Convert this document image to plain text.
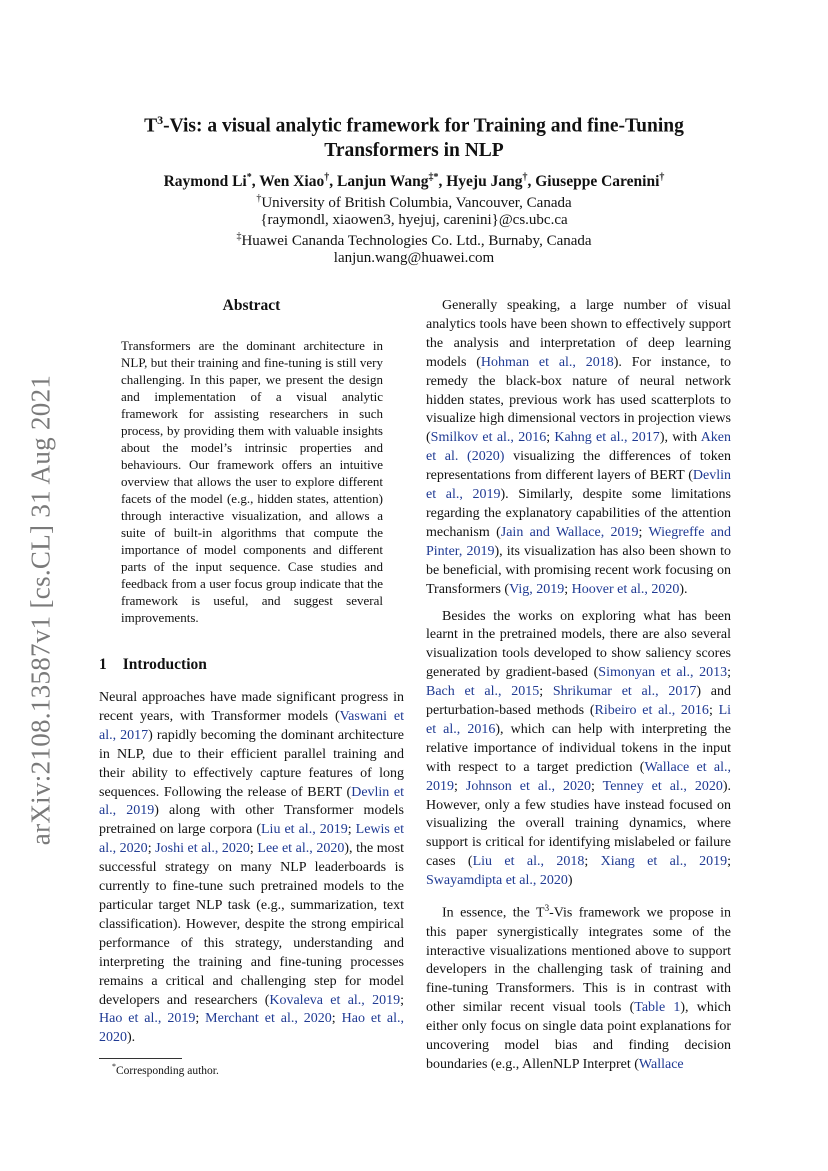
arXiv:2108.13587v1 [cs.CL] 31 Aug 2021
$T^3$-Vis: a visual analytic framework for Training and fine-Tuning
Transformers in NLP
Raymond Li*, Wen Xiao†, Lanjun Wang‡*, Hyeju Jang†, Giuseppe Carenini†
†University of British Columbia, Vancouver, Canada
{raymondl, xiaowen3, hyejuj, carenini}@cs.ubc.ca
‡Huawei Cananda Technologies Co. Ltd., Burnaby, Canada
lanjun.wang@huawei.com
Abstract

Transformers are the dominant architecture in NLP, but their training and fine-tuning is still very challenging. In this paper, we present the design and implementation of a visual analytic framework for assisting researchers in such process, by providing them with valuable insights about the model’s intrinsic properties and behaviours. Our framework offers an intuitive overview that allows the user to explore different facets of the model (e.g., hidden states, attention) through interactive visualization, and allows a suite of built-in algorithms that compute the importance of model components and different parts of the input sequence. Case studies and feedback from a user focus group indicate that the framework is useful, and suggest several improvements.

1 Introduction

Neural approaches have made significant progress in recent years, with Transformer models (Vaswani et al., 2017) rapidly becoming the dominant architecture in NLP, due to their efficient parallel training and their ability to effectively capture features of long sequences. Following the release of BERT (Devlin et al., 2019) along with other Transformer models pretrained on large corpora (Liu et al., 2019; Lewis et al., 2020; Joshi et al., 2020; Lee et al., 2020), the most successful strategy on many NLP leaderboards is currently to fine-tune such pretrained models to the particular target NLP task (e.g., summarization, text classification). However, despite the strong empirical performance of this strategy, understanding and interpreting the training and fine-tuning processes remains a critical and challenging step for model developers and researchers (Kovaleva et al., 2019; Hao et al., 2019; Merchant et al., 2020; Hao et al., 2020).

Generally speaking, a large number of visual analytics tools have been shown to effectively support the analysis and interpretation of deep learning models (Hohman et al., 2018). For instance, to remedy the black-box nature of neural network hidden states, previous work has used scatterplots to visualize high dimensional vectors in projection views (Smilkov et al., 2016; Kahng et al., 2017), with Aken et al. (2020) visualizing the differences of token representations from different layers of BERT (Devlin et al., 2019). Similarly, despite some limitations regarding the explanatory capabilities of the attention mechanism (Jain and Wallace, 2019; Wiegreffe and Pinter, 2019), its visualization has also been shown to be beneficial, with promising recent work focusing on Transformers (Vig, 2019; Hoover et al., 2020).

Besides the works on exploring what has been learnt in the pretrained models, there are also several visualization tools developed to show saliency scores generated by gradient-based (Simonyan et al., 2013; Bach et al., 2015; Shrikumar et al., 2017) and perturbation-based methods (Ribeiro et al., 2016; Li et al., 2016), which can help with interpreting the relative importance of individual tokens in the input with respect to a target prediction (Wallace et al., 2019; Johnson et al., 2020; Tenney et al., 2020). However, only a few studies have instead focused on visualizing the overall training dynamics, where support is critical for identifying mislabeled or failure cases (Liu et al., 2018; Xiang et al., 2019; Swayamdipta et al., 2020)

In essence, the $T^3$-Vis framework we propose in this paper synergistically integrates some of the interactive visualizations mentioned above to support developers in the challenging task of training and fine-tuning Transformers. This is in contrast with other similar recent visual tools (Table 1), which either only focus on single data point explanations for uncovering model bias and finding decision boundaries (e.g., AllenNLP Interpret (Wallace

*Corresponding author.
